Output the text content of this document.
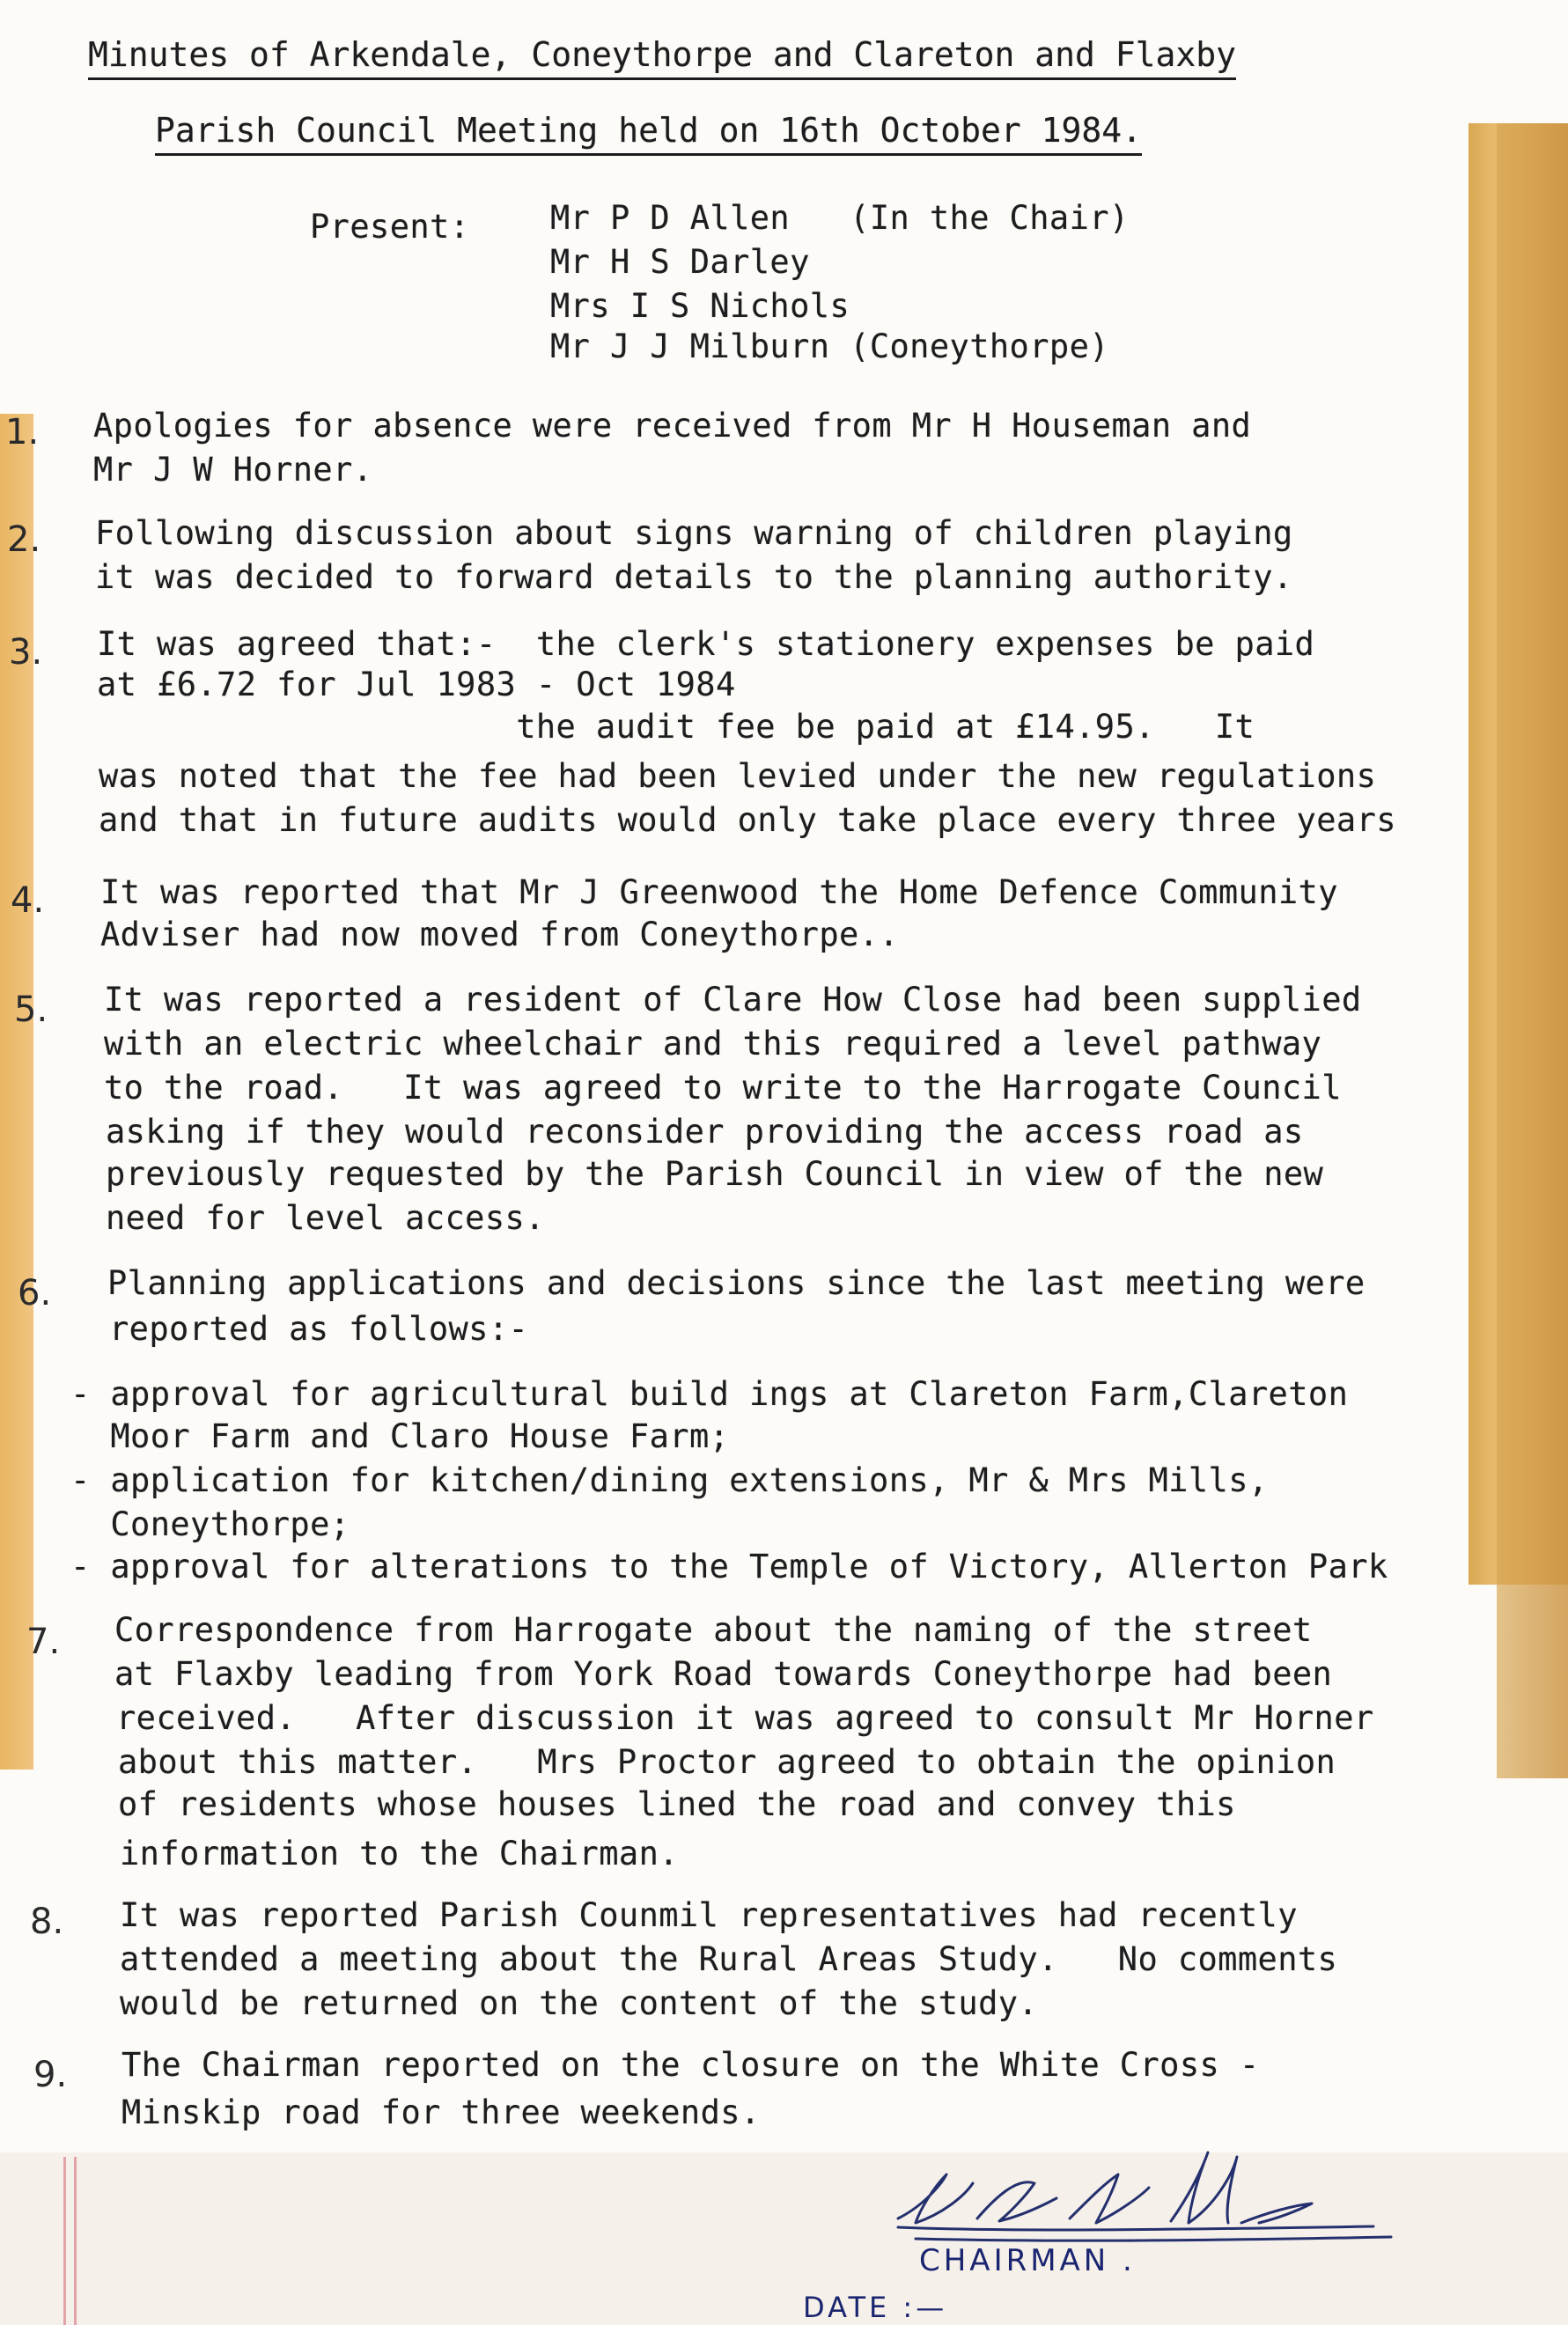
Minutes of Arkendale, Coneythorpe and Clareton and Flaxby
Parish Council Meeting held on 16th October 1984.
Present: Mr P D Allen   (In the Chair)
Mr H S Darley
Mrs I S Nichols
Mr J J Milburn (Coneythorpe)
1. Apologies for absence were received from Mr H Houseman and
Mr J W Horner.
2. Following discussion about signs warning of children playing
it was decided to forward details to the planning authority.
3. It was agreed that:-  the clerk's stationery expenses be paid
at £6.72 for Jul 1983 - Oct 1984
the audit fee be paid at £14.95.   It
was noted that the fee had been levied under the new regulations
and that in future audits would only take place every three years
4. It was reported that Mr J Greenwood the Home Defence Community
Adviser had now moved from Coneythorpe..
5. It was reported a resident of Clare How Close had been supplied
with an electric wheelchair and this required a level pathway
to the road.   It was agreed to write to the Harrogate Council
asking if they would reconsider providing the access road as
previously requested by the Parish Council in view of the new
need for level access.
6. Planning applications and decisions since the last meeting were
reported as follows:-
- approval for agricultural build ings at Clareton Farm,Clareton
Moor Farm and Claro House Farm;
- application for kitchen/dining extensions, Mr & Mrs Mills,
Coneythorpe;
- approval for alterations to the Temple of Victory, Allerton Park
7. Correspondence from Harrogate about the naming of the street
at Flaxby leading from York Road towards Coneythorpe had been
received.   After discussion it was agreed to consult Mr Horner
about this matter.   Mrs Proctor agreed to obtain the opinion
of residents whose houses lined the road and convey this
information to the Chairman.
8. It was reported Parish Counmil representatives had recently
attended a meeting about the Rural Areas Study.   No comments
would be returned on the content of the study.
9. The Chairman reported on the closure on the White Cross -
Minskip road for three weekends.
CHAIRMAN .
DATE :—
